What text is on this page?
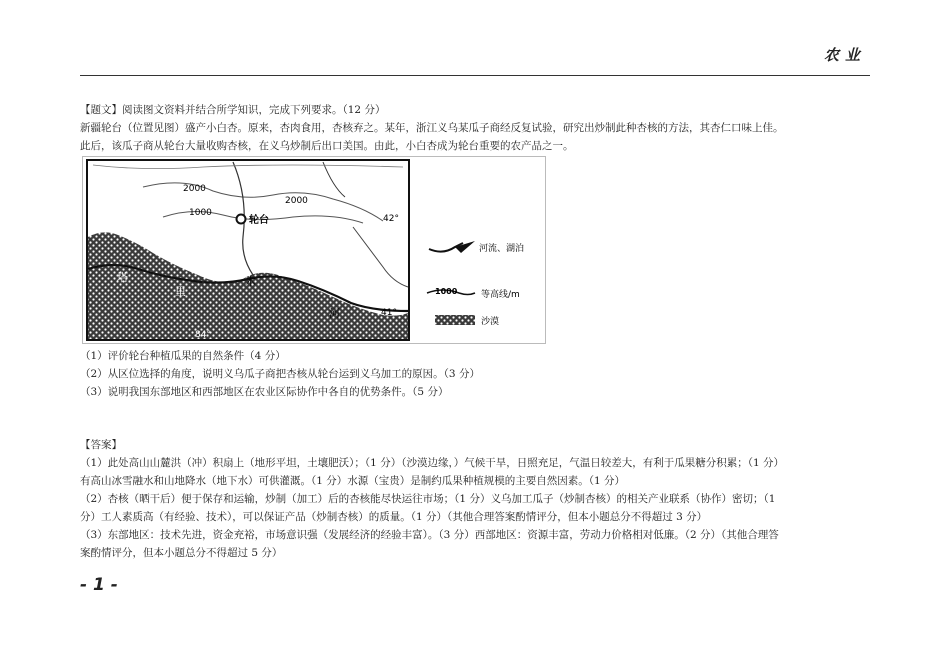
农业
【题文】阅读图文资料并结合所学知识，完成下列要求。（12 分）
新疆轮台（位置见图）盛产小白杏。原来，杏肉食用，杏核弃之。某年，浙江义乌某瓜子商经反复试验，研究出炒制此种杏核的方法，其杏仁口味上佳。
此后，该瓜子商从轮台大量收购杏核，在义乌炒制后出口美国。由此，小白杏成为轮台重要的农产品之一。
2000
2000
1000
轮台	42°
41°
84°
塔
里
木
河
河流、湖泊
1000	等高线/m
沙漠
（1）评价轮台种植瓜果的自然条件（4 分）
（2）从区位选择的角度，说明义乌瓜子商把杏核从轮台运到义乌加工的原因。（3 分）
（3）说明我国东部地区和西部地区在农业区际协作中各自的优势条件。（5 分）
【答案】
（1）此处高山山麓洪（冲）积扇上（地形平坦，土壤肥沃）；（1 分）（沙漠边缘，）气候干旱，日照充足，气温日较差大，有利于瓜果糖分积累；（1 分）
有高山冰雪融水和山地降水（地下水）可供灌溉。（1 分）水源（宝贵）是制约瓜果种植规模的主要自然因素。（1 分）
（2）杏核（晒干后）便于保存和运输，炒制（加工）后的杏核能尽快运往市场；（1 分）义乌加工瓜子（炒制杏核）的相关产业联系（协作）密切；（1
分）工人素质高（有经验、技术），可以保证产品（炒制杏核）的质量。（1 分）（其他合理答案酌情评分，但本小题总分不得超过 3 分）
（3）东部地区：技术先进，资金充裕，市场意识强（发展经济的经验丰富）。（3 分）西部地区：资源丰富，劳动力价格相对低廉。（2 分）（其他合理答
案酌情评分，但本小题总分不得超过 5 分）
- 1 -
